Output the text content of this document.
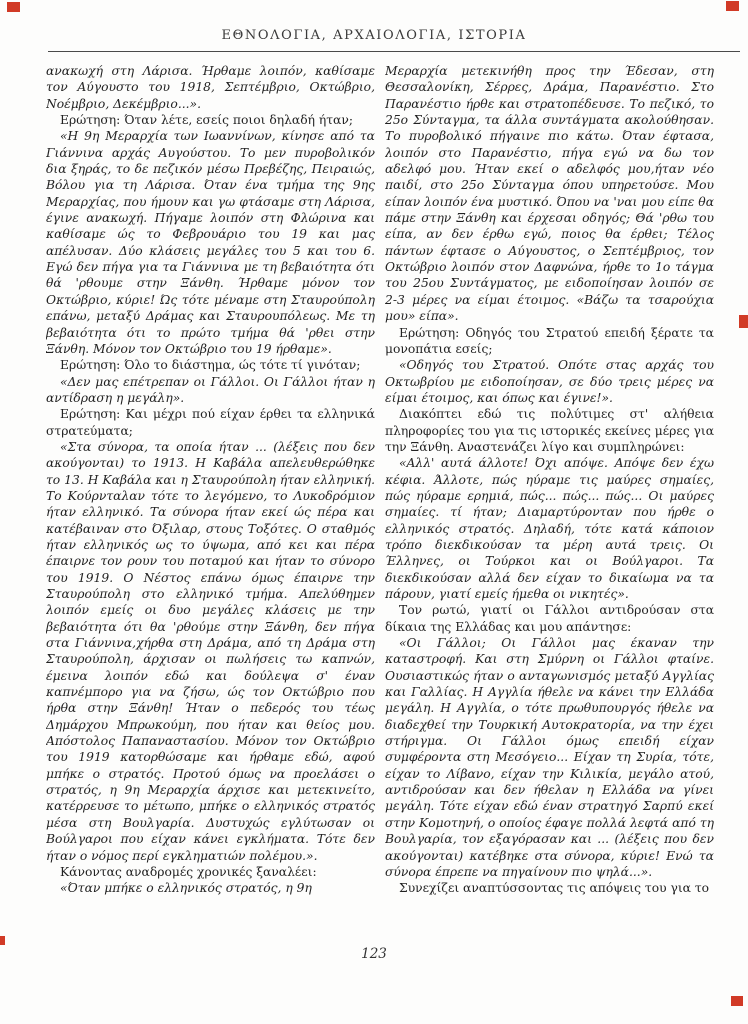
ΕΘΝΟΛΟΓΙΑ, ΑΡΧΑΙΟΛΟΓΙΑ, ΙΣΤΟΡΙΑ

ανακωχή στη Λάρισα. Ήρθαμε λοιπόν, καθίσαμε τον Αύγουστο του 1918, Σεπτέμβριο, Οκτώβριο, Νοέμβριο, Δεκέμβριο...».

Ερώτηση: Όταν λέτε, εσείς ποιοι δηλαδή ήταν;

«Η 9η Μεραρχία των Ιωαννίνων, κίνησε από τα Γιάννινα αρχάς Αυγούστου. Το μεν πυροβολικόν δια ξηράς, το δε πεζικόν μέσω Πρεβέζης, Πειραιώς, Βόλου για τη Λάρισα. Όταν ένα τμήμα της 9ης Μεραρχίας, που ήμουν και γω φτάσαμε στη Λάρισα, έγινε ανακωχή. Πήγαμε λοιπόν στη Φλώρινα και καθίσαμε ώς το Φεβρουάριο του 19 και μας απέλυσαν. Δύο κλάσεις μεγάλες του 5 και του 6. Εγώ δεν πήγα για τα Γιάννινα με τη βεβαιότητα ότι θά 'ρθουμε στην Ξάνθη. Ήρθαμε μόνον τον Οκτώβριο, κύριε! Ώς τότε μέναμε στη Σταυρούπολη επάνω, μεταξύ Δράμας και Σταυρουπόλεως. Με τη βεβαιότητα ότι το πρώτο τμήμα θά 'ρθει στην Ξάνθη. Μόνον τον Οκτώβριο του 19 ήρθαμε».

Ερώτηση: Όλο το διάστημα, ώς τότε τί γινόταν;

«Δεν μας επέτρεπαν οι Γάλλοι. Οι Γάλλοι ήταν η αντίδραση η μεγάλη».

Ερώτηση: Και μέχρι πού είχαν έρθει τα ελληνικά στρατεύματα;

«Στα σύνορα, τα οποία ήταν ... (λέξεις που δεν ακούγονται) το 1913. Η Καβάλα απελευθερώθηκε το 13. Η Καβάλα και η Σταυρούπολη ήταν ελληνική. Το Κούρνταλαν τότε το λεγόμενο, το Λυκοδρόμιον ήταν ελληνικό. Τα σύνορα ήταν εκεί ώς πέρα και κατέβαιναν στο Όξιλαρ, στους Τοξότες. Ο σταθμός ήταν ελληνικός ως το ύψωμα, από κει και πέρα έπαιρνε τον ρουν του ποταμού και ήταν το σύνορο του 1919. Ο Νέστος επάνω όμως έπαιρνε την Σταυρούπολη στο ελληνικό τμήμα. Απελύθημεν λοιπόν εμείς οι δυο μεγάλες κλάσεις με την βεβαιότητα ότι θα 'ρθούμε στην Ξάνθη, δεν πήγα στα Γιάννινα,χήρθα στη Δράμα, από τη Δράμα στη Σταυρούπολη, άρχισαν οι πωλήσεις τω καπνών, έμεινα λοιπόν εδώ και δούλεψα σ' έναν καπνέμπορο για να ζήσω, ώς τον Οκτώβριο που ήρθα στην Ξάνθη! Ήταν ο πεδερός του τέως Δημάρχου Μπρωκούμη, που ήταν και θείος μου. Απόστολος Παπαναστασίου. Μόνον τον Οκτώβριο του 1919 κατορθώσαμε και ήρθαμε εδώ, αφού μπήκε ο στρατός. Προτού όμως να προελάσει ο στρατός, η 9η Μεραρχία άρχισε και μετεκινείτο, κατέρρευσε το μέτωπο, μπήκε ο ελληνικός στρατός μέσα στη Βουλγαρία. Δυστυχώς εγλύτωσαν οι Βούλγαροι που είχαν κάνει εγκλήματα. Τότε δεν ήταν ο νόμος περί εγκληματιών πολέμου.».

Κάνοντας αναδρομές χρονικές ξαναλέει:

«Όταν μπήκε ο ελληνικός στρατός, η 9η

Μεραρχία μετεκινήθη προς την Έδεσαν, στη Θεσσαλονίκη, Σέρρες, Δράμα, Παρανέστιο. Στο Παρανέστιο ήρθε και στρατοπέδευσε. Το πεζικό, το 25ο Σύνταγμα, τα άλλα συντάγματα ακολούθησαν. Το πυροβολικό πήγαινε πιο κάτω. Όταν έφτασα, λοιπόν στο Παρανέστιο, πήγα εγώ να δω τον αδελφό μου. Ήταν εκεί ο αδελφός μου,ήταν νέο παιδί, στο 25ο Σύνταγμα όπου υπηρετούσε. Μου είπαν λοιπόν ένα μυστικό. Όπου να 'ναι μου είπε θα πάμε στην Ξάνθη και έρχεσαι οδηγός; Θά 'ρθω του είπα, αν δεν έρθω εγώ, ποιος θα έρθει; Τέλος πάντων έφτασε ο Αύγουστος, ο Σεπτέμβριος, τον Οκτώβριο λοιπόν στον Δαφνώνα, ήρθε το 1ο τάγμα του 25ου Συντάγματος, με ειδοποίησαν λοιπόν σε 2-3 μέρες να είμαι έτοιμος. «Βάζω τα τσαρούχια μου» είπα».

Ερώτηση: Οδηγός του Στρατού επειδή ξέρατε τα μονοπάτια εσείς;

«Οδηγός του Στρατού. Οπότε στας αρχάς του Οκτωβρίου με ειδοποίησαν, σε δύο τρεις μέρες να είμαι έτοιμος, και όπως και έγινε!».

Διακόπτει εδώ τις πολύτιμες στ' αλήθεια πληροφορίες του για τις ιστορικές εκείνες μέρες για την Ξάνθη. Αναστενάζει λίγο και συμπληρώνει:

«Αλλ' αυτά άλλοτε! Όχι απόψε. Απόψε δεν έχω κέφια. Άλλοτε, πώς ηύραμε τις μαύρες σημαίες, πώς ηύραμε ερημιά, πώς... πώς... πώς... Οι μαύρες σημαίες. τί ήταν; Διαμαρτύρονταν που ήρθε ο ελληνικός στρατός. Δηλαδή, τότε κατά κάποιον τρόπο διεκδικούσαν τα μέρη αυτά τρεις. Οι Έλληνες, οι Τούρκοι και οι Βούλγαροι. Τα διεκδικούσαν αλλά δεν είχαν το δικαίωμα να τα πάρουν, γιατί εμείς ήμεθα οι νικητές».

Τον ρωτώ, γιατί οι Γάλλοι αντιδρούσαν στα δίκαια της Ελλάδας και μου απάντησε:

«Οι Γάλλοι; Οι Γάλλοι μας έκαναν την καταστροφή. Και στη Σμύρνη οι Γάλλοι φταίνε. Ουσιαστικώς ήταν ο ανταγωνισμός μεταξύ Αγγλίας και Γαλλίας. Η Αγγλία ήθελε να κάνει την Ελλάδα μεγάλη. Η Αγγλία, ο τότε πρωθυπουργός ήθελε να διαδεχθεί την Τουρκική Αυτοκρατορία, να την έχει στήριγμα. Οι Γάλλοι όμως επειδή είχαν συμφέροντα στη Μεσόγειο... Είχαν τη Συρία, τότε, είχαν το Λίβανο, είχαν την Κιλικία, μεγάλο ατού, αντιδρούσαν και δεν ήθελαν η Ελλάδα να γίνει μεγάλη. Τότε είχαν εδώ έναν στρατηγό Σαρπύ εκεί στην Κομοτηνή, ο οποίος έφαγε πολλά λεφτά από τη Βουλγαρία, τον εξαγόρασαν και ... (λέξεις που δεν ακούγονται) κατέβηκε στα σύνορα, κύριε! Ενώ τα σύνορα έπρεπε να πηγαίνουν πιο ψηλά...».

Συνεχίζει αναπτύσσοντας τις απόψεις του για το

123
